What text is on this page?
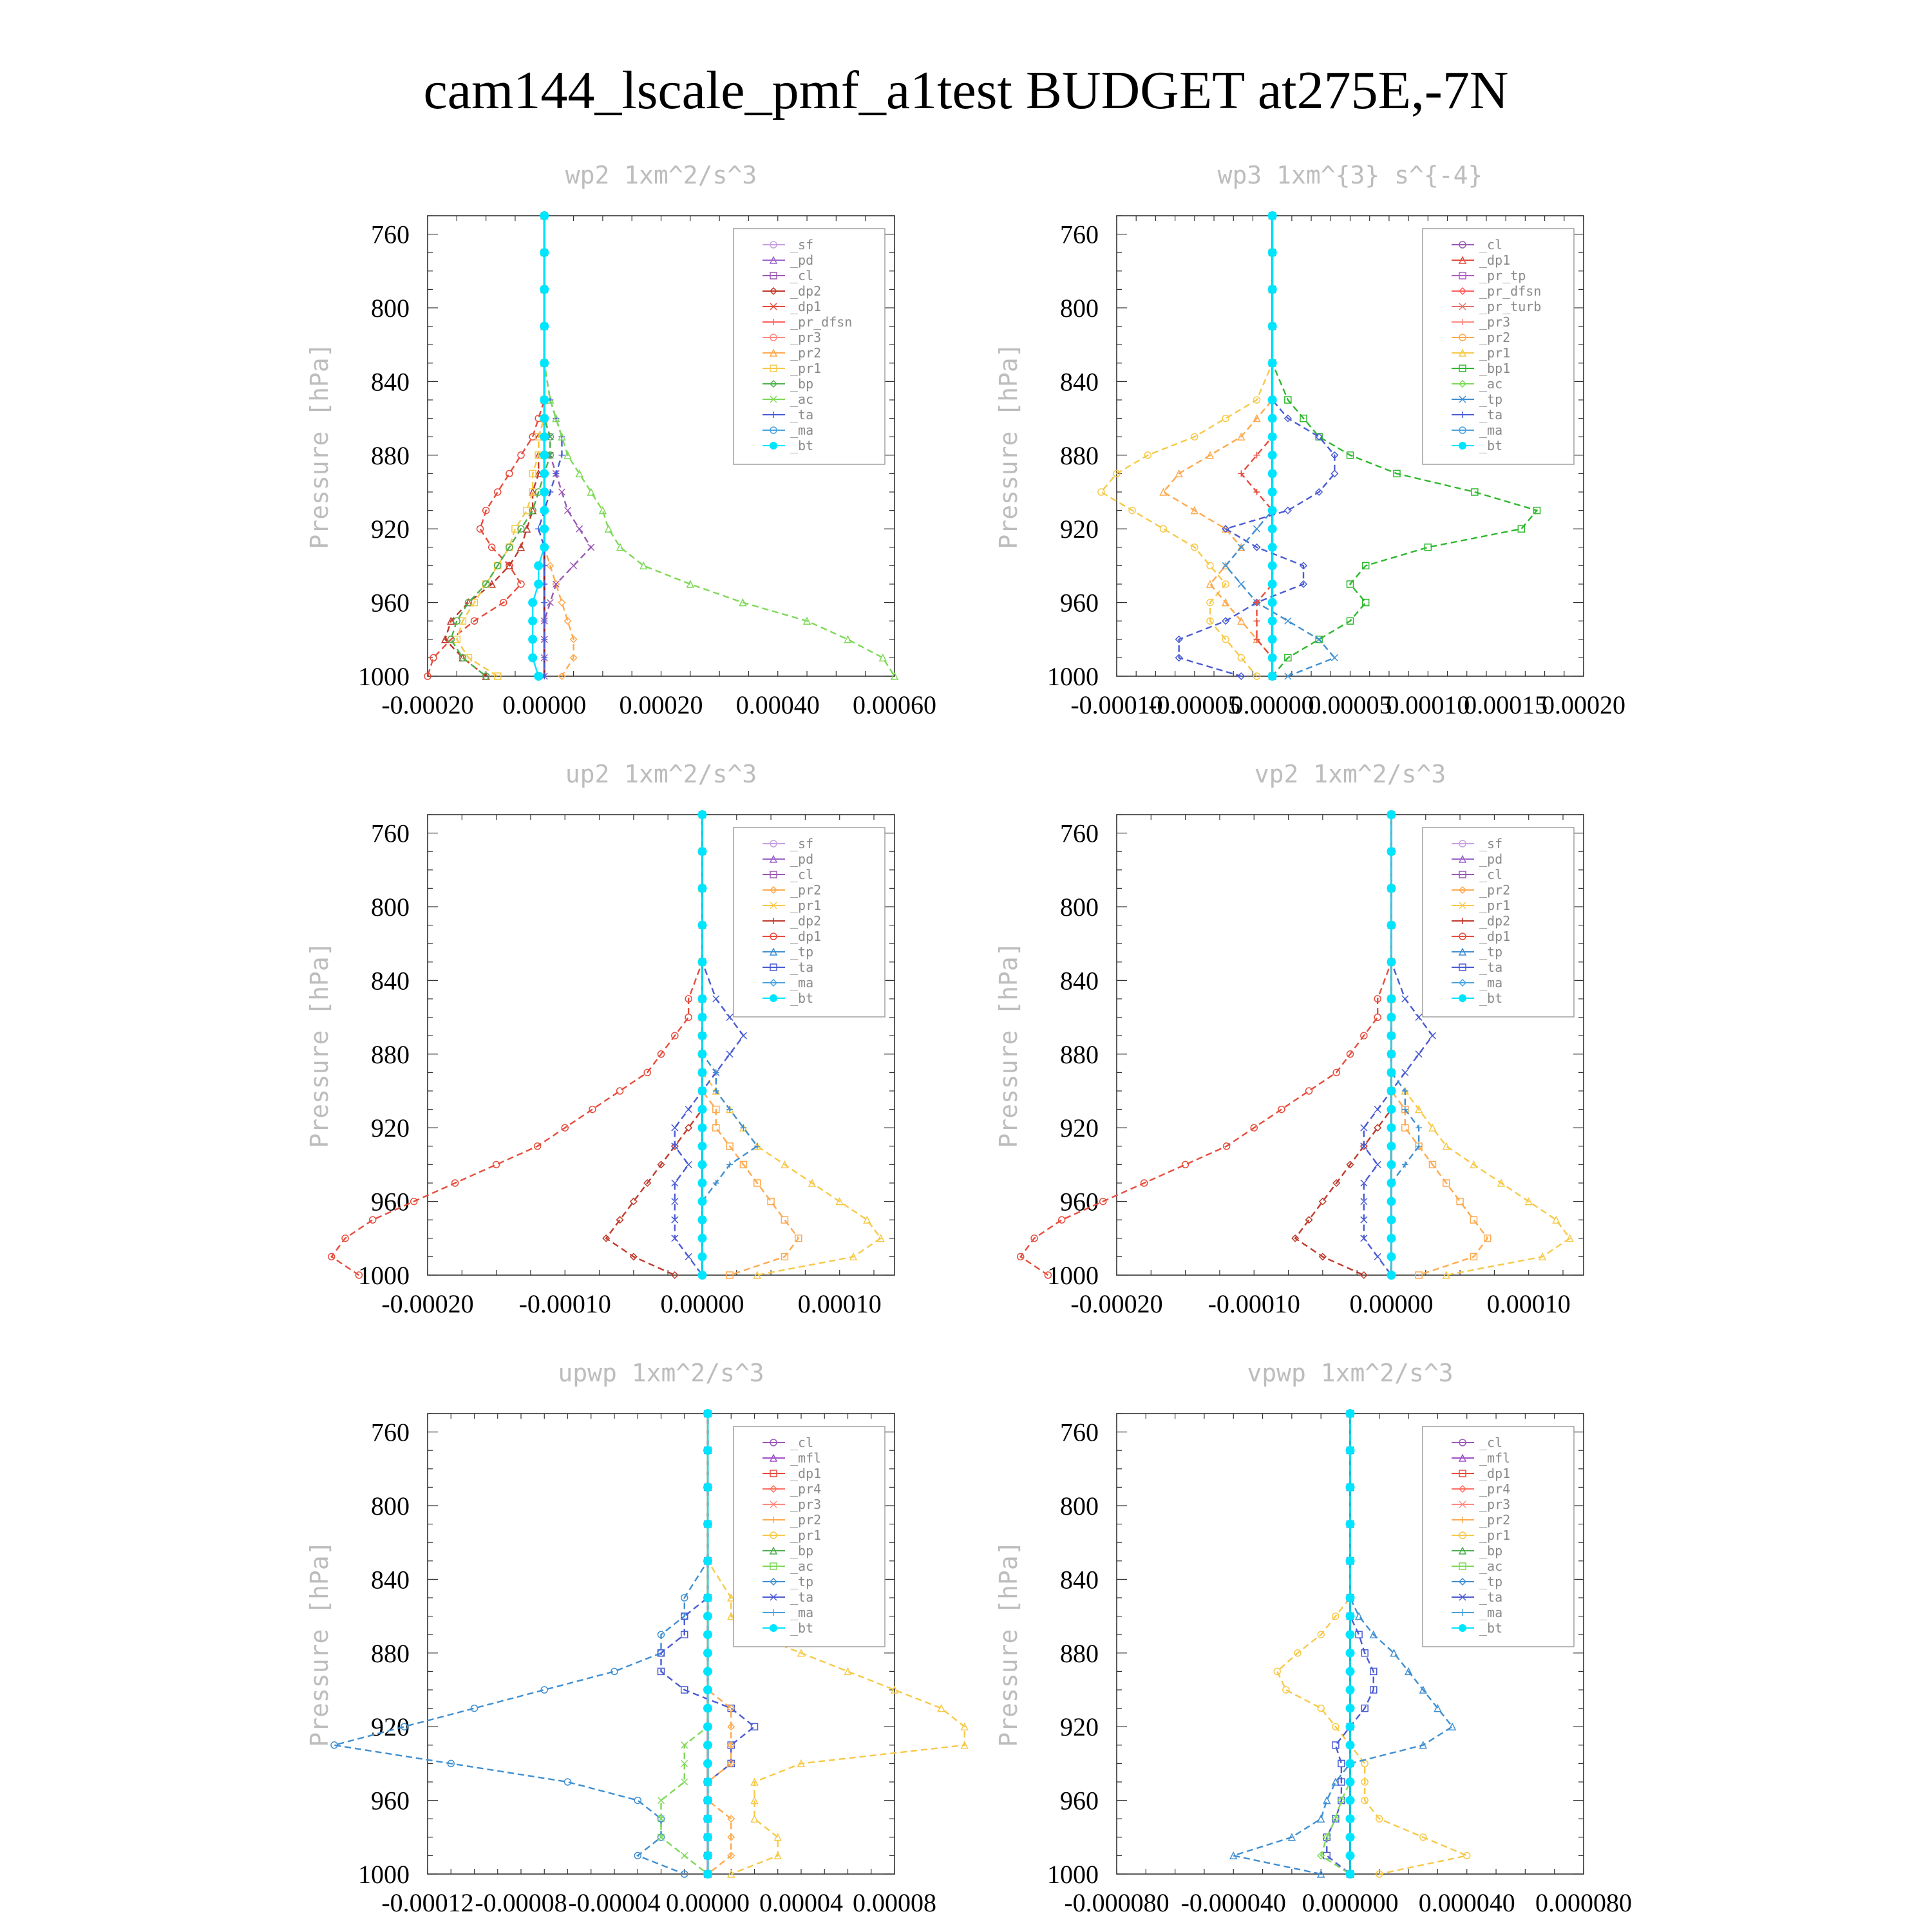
cam144_lscale_pmf_a1test BUDGET at275E,-7N
wp2 1xm^2/s^3
Pressure [hPa]
760
800
840
880
920
960
1000
-0.00020 0.00000 0.00020 0.00040 0.00060
_sf
_pd
_cl
_dp2
_dp1
_pr_dfsn
_pr3
_pr2
_pr1
_bp
_ac
_ta
_ma
_bt
wp3 1xm^{3} s^{-4}
Pressure [hPa]
760
800
840
880
920
960
1000
-0.00010
-0.00005
0.00000
0.00005
0.00010
0.00015
0.00020
_cl
_dp1
_pr_tp
_pr_dfsn
_pr_turb
_pr3
_pr2
_pr1
_bp1
_ac
_tp
_ta
_ma
_bt
up2 1xm^2/s^3
Pressure [hPa]
760
800
840
880
920
960
1000
-0.00020 -0.00010 0.00000 0.00010
_sf
_pd
_cl
_pr2
_pr1
_dp2
_dp1
_tp
_ta
_ma
_bt
vp2 1xm^2/s^3
Pressure [hPa]
760
800
840
880
920
960
1000
-0.00020 -0.00010 0.00000 0.00010
_sf
_pd
_cl
_pr2
_pr1
_dp2
_dp1
_tp
_ta
_ma
_bt
upwp 1xm^2/s^3
Pressure [hPa]
760
800
840
880
920
960
1000
-0.00012 -0.00008 -0.00004 0.00000 0.00004 0.00008
_cl
_mfl
_dp1
_pr4
_pr3
_pr2
_pr1
_bp
_ac
_tp
_ta
_ma
_bt
vpwp 1xm^2/s^3
Pressure [hPa]
760
800
840
880
920
960
1000
-0.000080 -0.000040 0.000000 0.000040 0.000080
_cl
_mfl
_dp1
_pr4
_pr3
_pr2
_pr1
_bp
_ac
_tp
_ta
_ma
_bt
